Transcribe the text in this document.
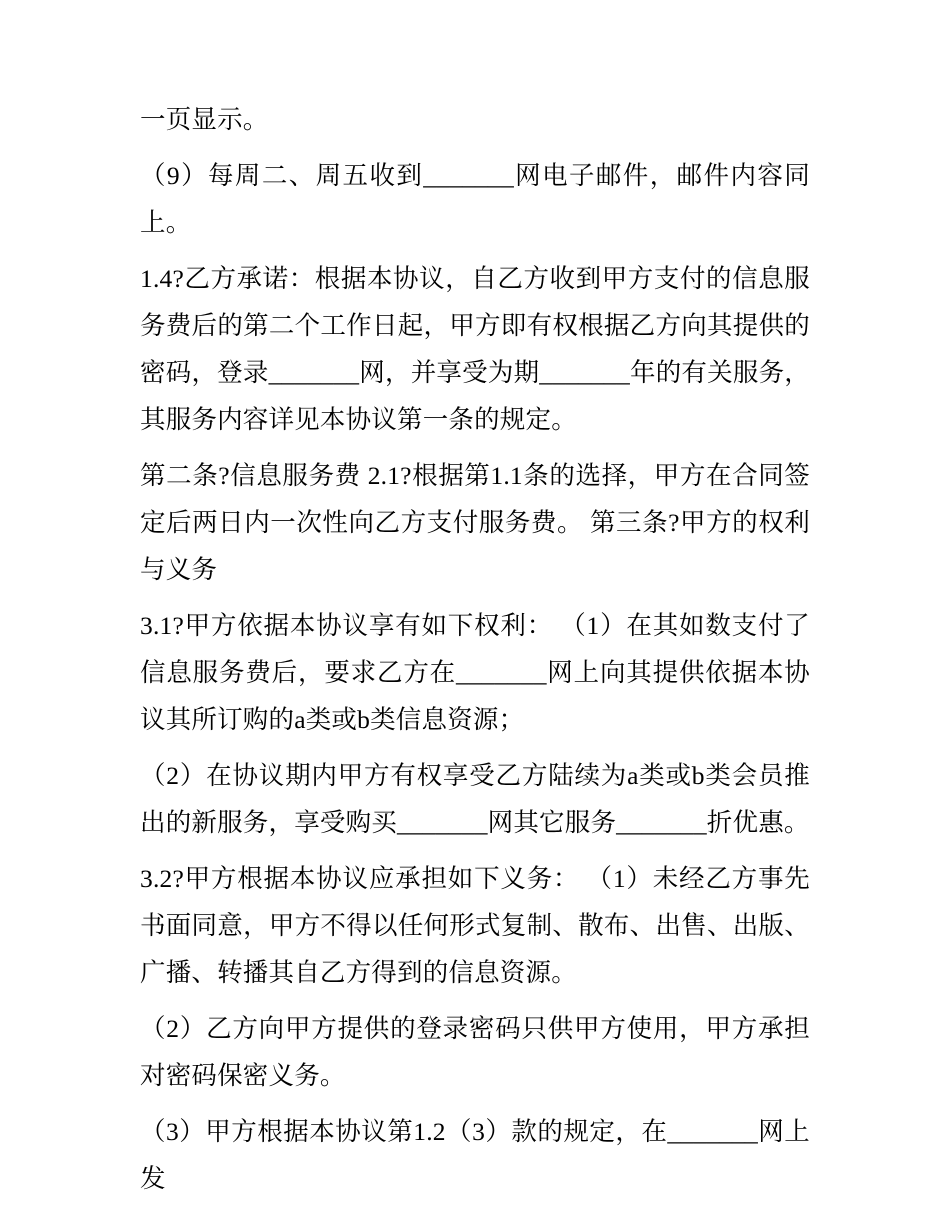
一页显示。

（9）每周二、周五收到_______网电子邮件，邮件内容同上。

1.4?乙方承诺：根据本协议，自乙方收到甲方支付的信息服务费后的第二个工作日起，甲方即有权根据乙方向其提供的密码，登录_______网，并享受为期_______年的有关服务，其服务内容详见本协议第一条的规定。

第二条?信息服务费 2.1?根据第1.1条的选择，甲方在合同签定后两日内一次性向乙方支付服务费。 第三条?甲方的权利与义务

3.1?甲方依据本协议享有如下权利： （1）在其如数支付了信息服务费后，要求乙方在_______网上向其提供依据本协议其所订购的a类或b类信息资源；

（2）在协议期内甲方有权享受乙方陆续为a类或b类会员推出的新服务，享受购买_______网其它服务_______折优惠。

3.2?甲方根据本协议应承担如下义务： （1）未经乙方事先书面同意，甲方不得以任何形式复制、散布、出售、出版、广播、转播其自乙方得到的信息资源。

（2）乙方向甲方提供的登录密码只供甲方使用，甲方承担对密码保密义务。

（3）甲方根据本协议第1.2（3）款的规定，在_______网上发
